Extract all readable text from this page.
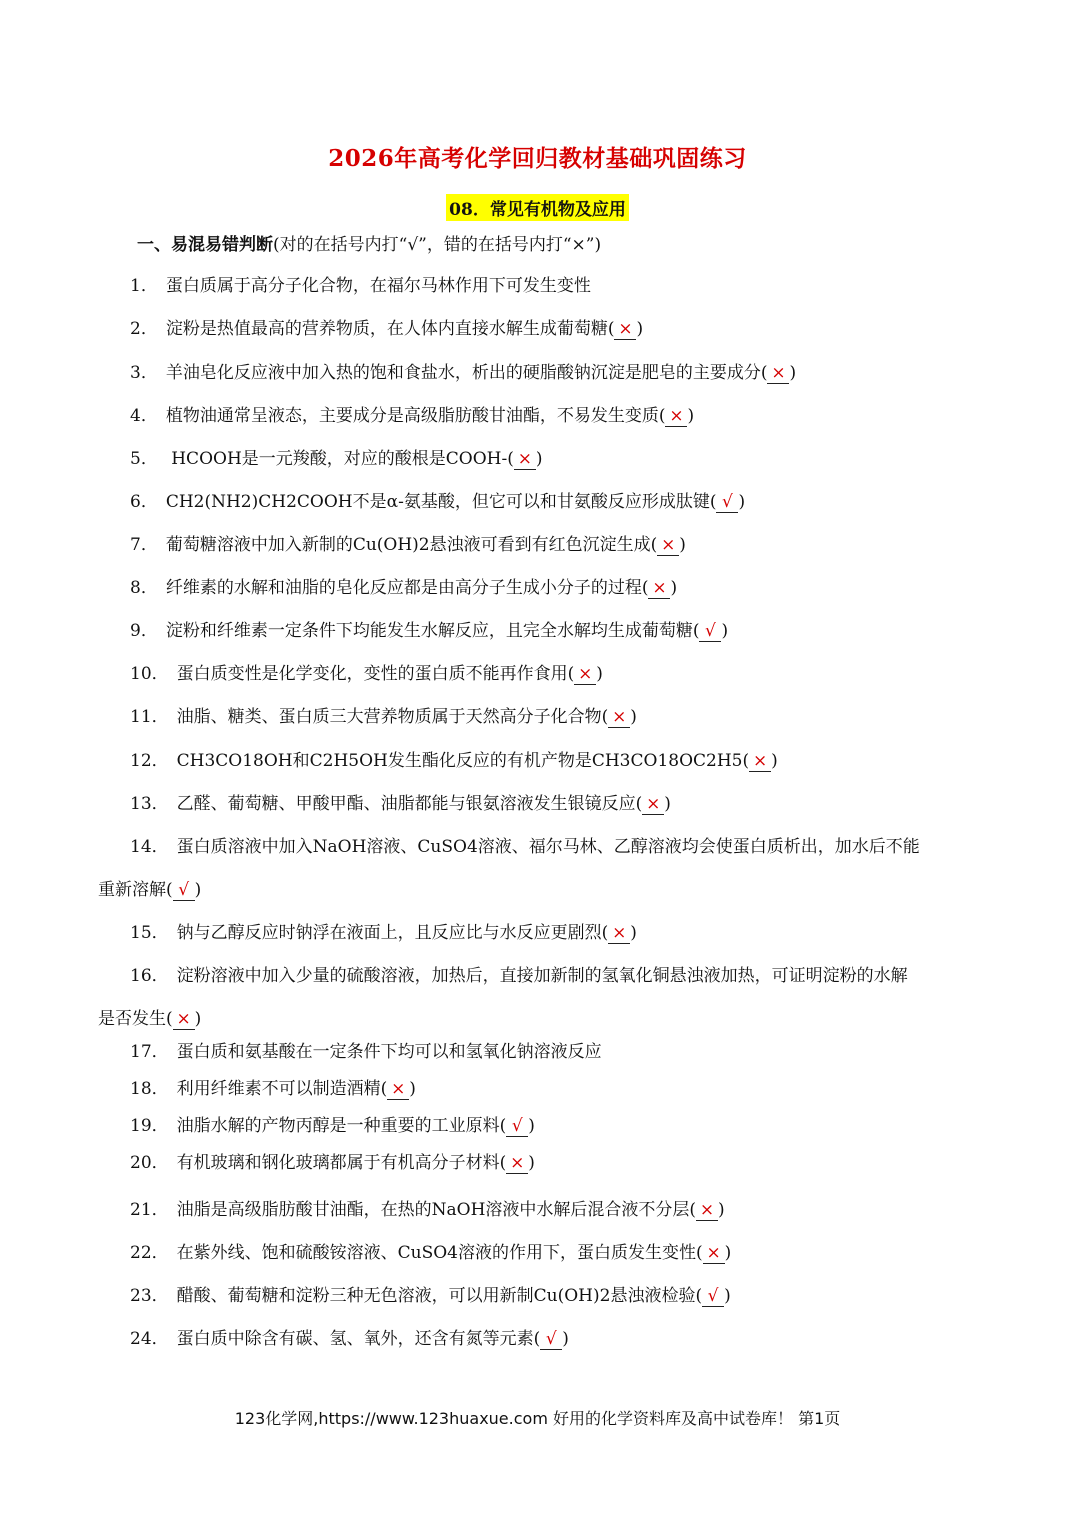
2026年高考化学回归教材基础巩固练习
08．常见有机物及应用
一、易混易错判断(对的在括号内打“√”，错的在括号内打“×”)
1． 蛋白质属于高分子化合物，在福尔马林作用下可发生变性
2． 淀粉是热值最高的营养物质，在人体内直接水解生成葡萄糖( × )
3． 羊油皂化反应液中加入热的饱和食盐水，析出的硬脂酸钠沉淀是肥皂的主要成分( × )
4． 植物油通常呈液态，主要成分是高级脂肪酸甘油酯，不易发生变质( × )
5． HCOOH是一元羧酸，对应的酸根是COOH-( × )
6． CH2(NH2)CH2COOH不是α-氨基酸，但它可以和甘氨酸反应形成肽键( √ )
7． 葡萄糖溶液中加入新制的Cu(OH)2悬浊液可看到有红色沉淀生成( × )
8． 纤维素的水解和油脂的皂化反应都是由高分子生成小分子的过程( × )
9． 淀粉和纤维素一定条件下均能发生水解反应，且完全水解均生成葡萄糖( √ )
10． 蛋白质变性是化学变化，变性的蛋白质不能再作食用( × )
11． 油脂、糖类、蛋白质三大营养物质属于天然高分子化合物( × )
12． CH3CO18OH和C2H5OH发生酯化反应的有机产物是CH3CO18OC2H5( × )
13． 乙醛、葡萄糖、甲酸甲酯、油脂都能与银氨溶液发生银镜反应( × )
14． 蛋白质溶液中加入NaOH溶液、CuSO4溶液、福尔马林、乙醇溶液均会使蛋白质析出，加水后不能
重新溶解( √ )
15． 钠与乙醇反应时钠浮在液面上，且反应比与水反应更剧烈( × )
16． 淀粉溶液中加入少量的硫酸溶液，加热后，直接加新制的氢氧化铜悬浊液加热，可证明淀粉的水解
是否发生( × )
17． 蛋白质和氨基酸在一定条件下均可以和氢氧化钠溶液反应
18． 利用纤维素不可以制造酒精( × )
19． 油脂水解的产物丙醇是一种重要的工业原料( √ )
20． 有机玻璃和钢化玻璃都属于有机高分子材料( × )
21． 油脂是高级脂肪酸甘油酯，在热的NaOH溶液中水解后混合液不分层( × )
22． 在紫外线、饱和硫酸铵溶液、CuSO4溶液的作用下，蛋白质发生变性( × )
23． 醋酸、葡萄糖和淀粉三种无色溶液，可以用新制Cu(OH)2悬浊液检验( √ )
24． 蛋白质中除含有碳、氢、氧外，还含有氮等元素( √ )
123化学网,https://www.123huaxue.com 好用的化学资料库及高中试卷库！ 第1页
